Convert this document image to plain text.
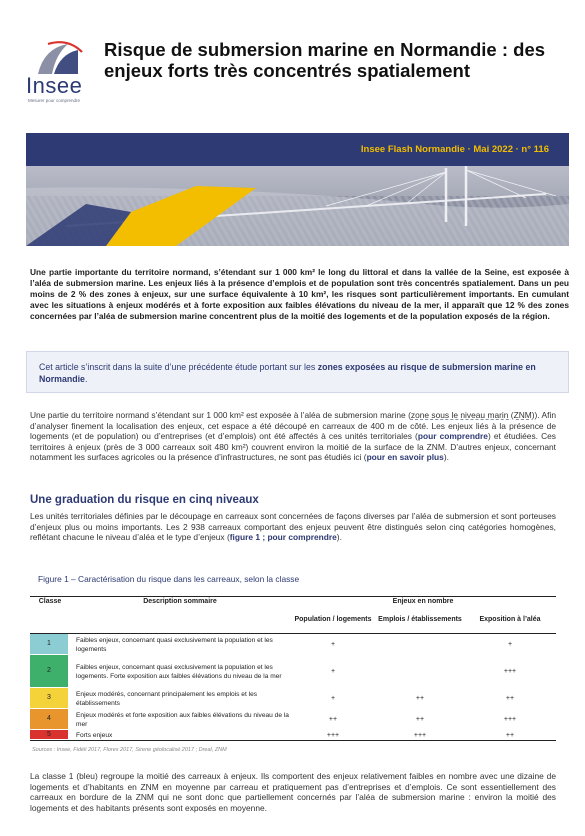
Insee
Mesurer pour comprendre
Risque de submersion marine en Normandie : des enjeux forts très concentrés spatialement
Insee Flash Normandie · Mai 2022 · n° 116
Une partie importante du territoire normand, s’étendant sur 1 000 km² le long du littoral et dans la vallée de la Seine, est exposée à l’aléa de submersion marine. Les enjeux liés à la présence d’emplois et de population sont très concentrés spatialement. Dans un peu moins de 2 % des zones à enjeux, sur une surface équivalente à 10 km², les risques sont particulièrement importants. En cumulant avec les situations à enjeux modérés et à forte exposition aux faibles élévations du niveau de la mer, il apparaît que 12 % des zones concernées par l’aléa de submersion marine concentrent plus de la moitié des logements et de la population exposés de la région.
Cet article s’inscrit dans la suite d’une précédente étude portant sur les zones exposées au risque de submersion marine en Normandie.
Une partie du territoire normand s’étendant sur 1 000 km² est exposée à l’aléa de submersion marine (zone sous le niveau marin (ZNM)). Afin d’analyser finement la localisation des enjeux, cet espace a été découpé en carreaux de 400 m de côté. Les enjeux liés à la présence de logements (et de population) ou d’entreprises (et d’emplois) ont été affectés à ces unités territoriales (pour comprendre) et étudiées. Ces territoires à enjeux (près de 3 000 carreaux soit 480 km²) couvrent environ la moitié de la surface de la ZNM. D’autres enjeux, concernant notamment les surfaces agricoles ou la présence d’infrastructures, ne sont pas étudiés ici (pour en savoir plus).
Une graduation du risque en cinq niveaux
Les unités territoriales définies par le découpage en carreaux sont concernées de façons diverses par l’aléa de submersion et sont porteuses d’enjeux plus ou moins importants. Les 2 938 carreaux comportant des enjeux peuvent être distingués selon cinq catégories homogènes, reflétant chacune le niveau d’aléa et le type d’enjeux (figure 1 ; pour comprendre).
Figure 1 – Caractérisation du risque dans les carreaux, selon la classe
Classe	Description sommaire	Enjeux en nombre		
		Population / logements	Emplois / établissements	Exposition à l’aléa

1	Faibles enjeux, concernant quasi exclusivement la population et les logements	+		+

2	Faibles enjeux, concernant quasi exclusivement la population et les logements. Forte exposition aux faibles élévations du niveau de la mer	+		+++

3	Enjeux modérés, concernant principalement les emplois et les établissements	+	++	++

4	Enjeux modérés et forte exposition aux faibles élévations du niveau de la mer	++	++	+++

5	Forts enjeux	+++	+++	++
Sources : Insee, Fidéli 2017, Flores 2017, Sirene géolocalisé 2017 ; Dreal, ZNM
La classe 1 (bleu) regroupe la moitié des carreaux à enjeux. Ils comportent des enjeux relativement faibles en nombre avec une dizaine de logements et d’habitants en ZNM en moyenne par carreau et pratiquement pas d’entreprises et d’emplois. Ce sont essentiellement des carreaux en bordure de la ZNM qui ne sont donc que partiellement concernés par l’aléa de submersion marine : environ la moitié des logements et des habitants présents sont exposés en moyenne.
